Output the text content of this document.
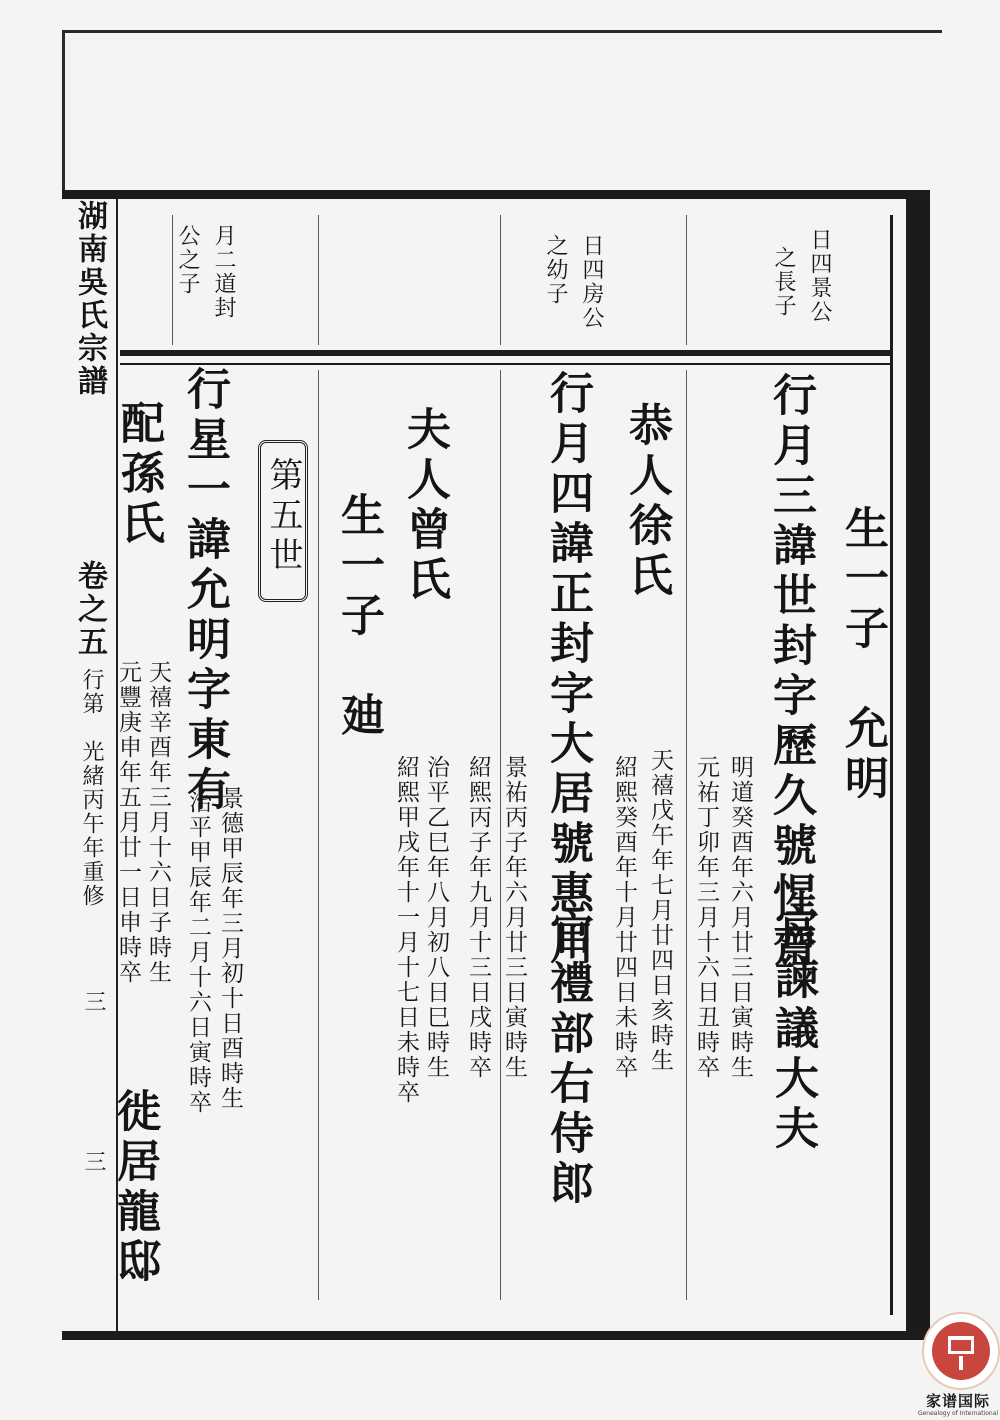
湖南吳氏宗譜
卷之五
行第
光緒丙午年重修
三
三
日四景公
之長子
日四房公
之幼子
月二道封
公之子
第五世	行月三諱世封字歷久號惺齋
官諫議大夫
明道癸酉年六月廿三日寅時生
元祐丁卯年三月十六日丑時卒
生一子　允明
恭人徐氏
天禧戊午年七月廿四日亥時生
紹熙癸酉年十月廿四日未時卒
行月四諱正封字大居號惠川
官禮部右侍郎
景祐丙子年六月廿三日寅時生
紹熙丙子年九月十三日戌時卒
夫人曾氏
治平乙巳年八月初八日巳時生
紹熙甲戌年十一月十七日未時卒
生一子　廸
行星一諱允明字東有
徙居龍邸
景德甲辰年三月初十日酉時生
治平甲辰年二月十六日寅時卒
配孫氏
天禧辛酉年三月十六日子時生
元豐庚申年五月廿一日申時卒
家谱国际
Genealogy of International
